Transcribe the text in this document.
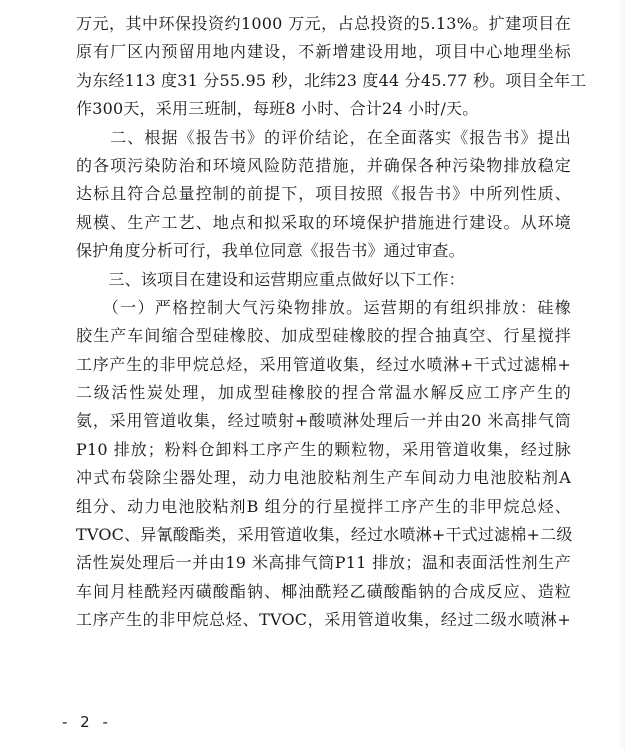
万元，其中环保投资约1000 万元，占总投资的5.13%。扩建项目在
原有厂区内预留用地内建设，不新增建设用地，项目中心地理坐标
为东经113 度31 分55.95 秒，北纬23 度44 分45.77 秒。项目全年工
作300天，采用三班制，每班8 小时、合计24 小时/天。
　　二、根据《报告书》的评价结论，在全面落实《报告书》提出
的各项污染防治和环境风险防范措施，并确保各种污染物排放稳定
达标且符合总量控制的前提下，项目按照《报告书》中所列性质、
规模、生产工艺、地点和拟采取的环境保护措施进行建设。从环境
保护角度分析可行，我单位同意《报告书》通过审查。
　　三、该项目在建设和运营期应重点做好以下工作：
　　（一）严格控制大气污染物排放。运营期的有组织排放：硅橡
胶生产车间缩合型硅橡胶、加成型硅橡胶的捏合抽真空、行星搅拌
工序产生的非甲烷总烃，采用管道收集，经过水喷淋+干式过滤棉+
二级活性炭处理，加成型硅橡胶的捏合常温水解反应工序产生的
氨，采用管道收集，经过喷射+酸喷淋处理后一并由20 米高排气筒
P10 排放；粉料仓卸料工序产生的颗粒物，采用管道收集，经过脉
冲式布袋除尘器处理，动力电池胶粘剂生产车间动力电池胶粘剂A
组分、动力电池胶粘剂B 组分的行星搅拌工序产生的非甲烷总烃、
TVOC、异氰酸酯类，采用管道收集，经过水喷淋+干式过滤棉+二级
活性炭处理后一并由19 米高排气筒P11 排放；温和表面活性剂生产
车间月桂酰羟丙磺酸酯钠、椰油酰羟乙磺酸酯钠的合成反应、造粒
工序产生的非甲烷总烃、TVOC，采用管道收集，经过二级水喷淋+
- 2 -
